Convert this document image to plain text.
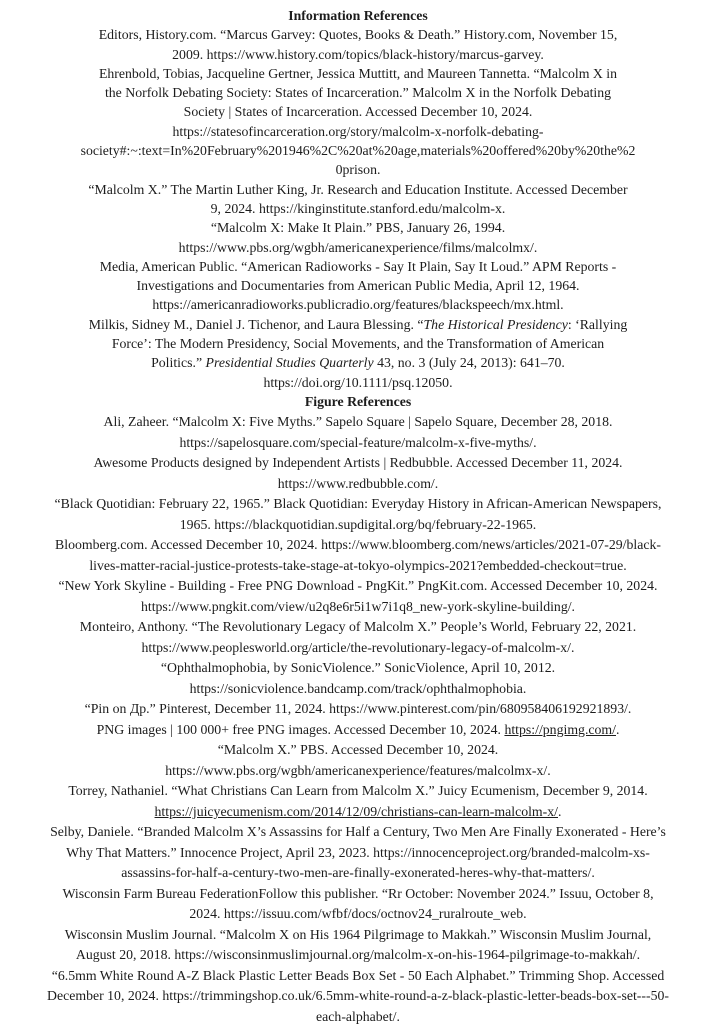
Information References
Editors, History.com. “Marcus Garvey: Quotes, Books & Death.” History.com, November 15,
2009. https://www.history.com/topics/black-history/marcus-garvey.
Ehrenbold, Tobias, Jacqueline Gertner, Jessica Muttitt, and Maureen Tannetta. “Malcolm X in
the Norfolk Debating Society: States of Incarceration.” Malcolm X in the Norfolk Debating
Society | States of Incarceration. Accessed December 10, 2024.
https://statesofincarceration.org/story/malcolm-x-norfolk-debating-
society#:~:text=In%20February%201946%2C%20at%20age,materials%20offered%20by%20the%2
0prison.
“Malcolm X.” The Martin Luther King, Jr. Research and Education Institute. Accessed December
9, 2024. https://kinginstitute.stanford.edu/malcolm-x.
“Malcolm X: Make It Plain.” PBS, January 26, 1994.
https://www.pbs.org/wgbh/americanexperience/films/malcolmx/.
Media, American Public. “American Radioworks - Say It Plain, Say It Loud.” APM Reports -
Investigations and Documentaries from American Public Media, April 12, 1964.
https://americanradioworks.publicradio.org/features/blackspeech/mx.html.
Milkis, Sidney M., Daniel J. Tichenor, and Laura Blessing. “The Historical Presidency: ‘Rallying
Force’: The Modern Presidency, Social Movements, and the Transformation of American
Politics.” Presidential Studies Quarterly 43, no. 3 (July 24, 2013): 641–70.
https://doi.org/10.1111/psq.12050.
Figure References
Ali, Zaheer. “Malcolm X: Five Myths.” Sapelo Square | Sapelo Square, December 28, 2018.
https://sapelosquare.com/special-feature/malcolm-x-five-myths/.
Awesome Products designed by Independent Artists | Redbubble. Accessed December 11, 2024.
https://www.redbubble.com/.
“Black Quotidian: February 22, 1965.” Black Quotidian: Everyday History in African-American Newspapers,
1965. https://blackquotidian.supdigital.org/bq/february-22-1965.
Bloomberg.com. Accessed December 10, 2024. https://www.bloomberg.com/news/articles/2021-07-29/black-
lives-matter-racial-justice-protests-take-stage-at-tokyo-olympics-2021?embedded-checkout=true.
“New York Skyline - Building - Free PNG Download - PngKit.” PngKit.com. Accessed December 10, 2024.
https://www.pngkit.com/view/u2q8e6r5i1w7i1q8_new-york-skyline-building/.
Monteiro, Anthony. “The Revolutionary Legacy of Malcolm X.” People’s World, February 22, 2021.
https://www.peoplesworld.org/article/the-revolutionary-legacy-of-malcolm-x/.
“Ophthalmophobia, by SonicViolence.” SonicViolence, April 10, 2012.
https://sonicviolence.bandcamp.com/track/ophthalmophobia.
“Pin on Др.” Pinterest, December 11, 2024. https://www.pinterest.com/pin/680958406192921893/.
PNG images | 100 000+ free PNG images. Accessed December 10, 2024. https://pngimg.com/.
“Malcolm X.” PBS. Accessed December 10, 2024.
https://www.pbs.org/wgbh/americanexperience/features/malcolmx-x/.
Torrey, Nathaniel. “What Christians Can Learn from Malcolm X.” Juicy Ecumenism, December 9, 2014.
https://juicyecumenism.com/2014/12/09/christians-can-learn-malcolm-x/.
Selby, Daniele. “Branded Malcolm X’s Assassins for Half a Century, Two Men Are Finally Exonerated - Here’s
Why That Matters.” Innocence Project, April 23, 2023. https://innocenceproject.org/branded-malcolm-xs-
assassins-for-half-a-century-two-men-are-finally-exonerated-heres-why-that-matters/.
Wisconsin Farm Bureau FederationFollow this publisher. “Rr October: November 2024.” Issuu, October 8,
2024. https://issuu.com/wfbf/docs/octnov24_ruralroute_web.
Wisconsin Muslim Journal. “Malcolm X on His 1964 Pilgrimage to Makkah.” Wisconsin Muslim Journal,
August 20, 2018. https://wisconsinmuslimjournal.org/malcolm-x-on-his-1964-pilgrimage-to-makkah/.
“6.5mm White Round A-Z Black Plastic Letter Beads Box Set - 50 Each Alphabet.” Trimming Shop. Accessed
December 10, 2024. https://trimmingshop.co.uk/6.5mm-white-round-a-z-black-plastic-letter-beads-box-set---50-
each-alphabet/.
